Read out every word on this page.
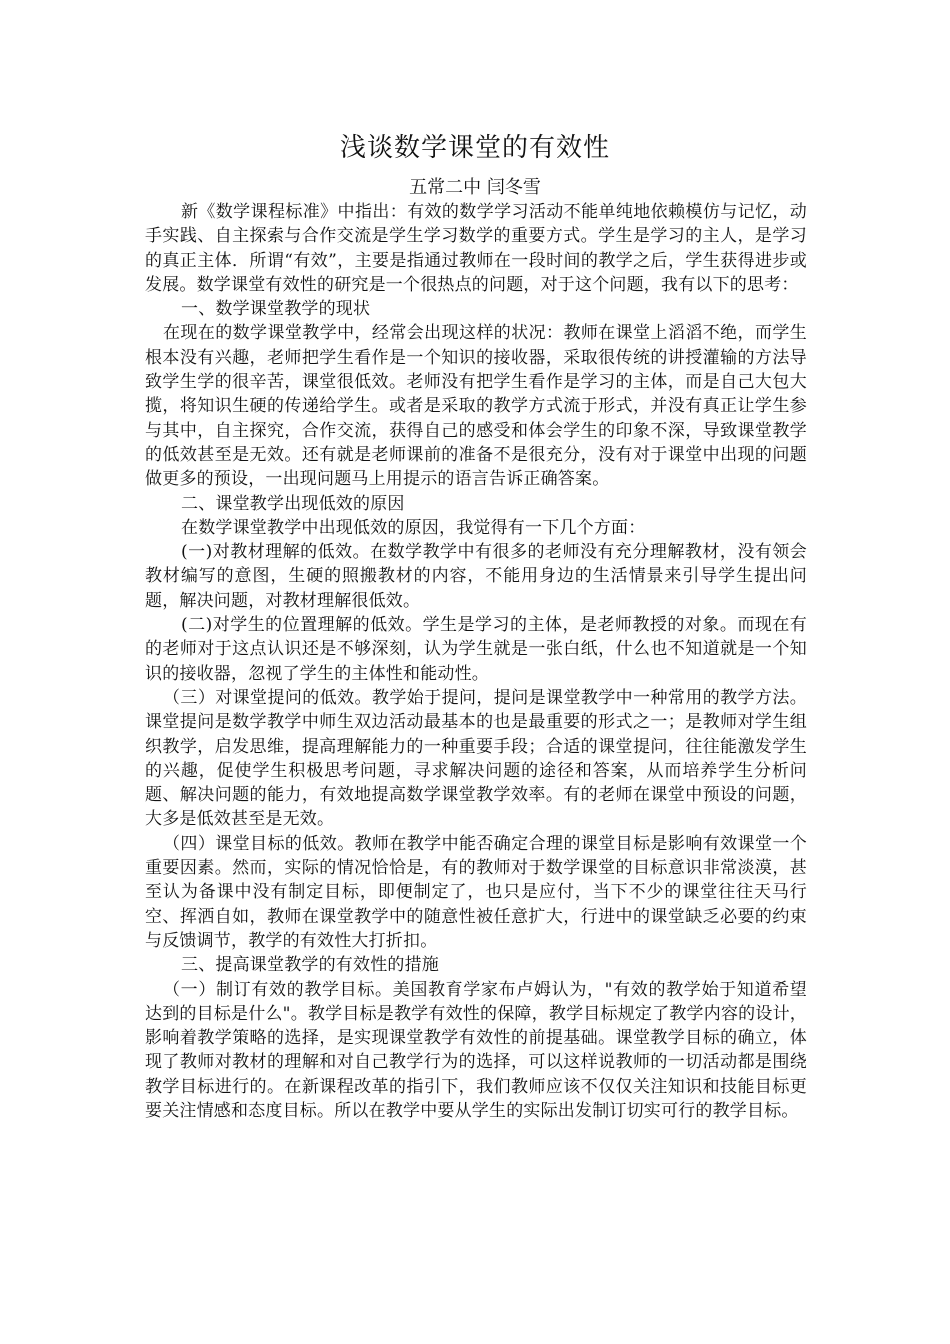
浅谈数学课堂的有效性
五常二中 闫冬雪

新《数学课程标准》中指出：有效的数学学习活动不能单纯地依赖模仿与记忆，动手实践、自主探索与合作交流是学生学习数学的重要方式。学生是学习的主人，是学习的真正主体．所谓“有效”，主要是指通过教师在一段时间的教学之后，学生获得进步或发展。数学课堂有效性的研究是一个很热点的问题，对于这个问题，我有以下的思考：

一、数学课堂教学的现状

在现在的数学课堂教学中，经常会出现这样的状况：教师在课堂上滔滔不绝，而学生根本没有兴趣，老师把学生看作是一个知识的接收器，采取很传统的讲授灌输的方法导致学生学的很辛苦，课堂很低效。老师没有把学生看作是学习的主体，而是自己大包大揽，将知识生硬的传递给学生。或者是采取的教学方式流于形式，并没有真正让学生参与其中，自主探究，合作交流，获得自己的感受和体会学生的印象不深，导致课堂教学的低效甚至是无效。还有就是老师课前的准备不是很充分，没有对于课堂中出现的问题做更多的预设，一出现问题马上用提示的语言告诉正确答案。

二、课堂教学出现低效的原因

在数学课堂教学中出现低效的原因，我觉得有一下几个方面：

(一)对教材理解的低效。在数学教学中有很多的老师没有充分理解教材，没有领会教材编写的意图，生硬的照搬教材的内容，不能用身边的生活情景来引导学生提出问题，解决问题，对教材理解很低效。

(二)对学生的位置理解的低效。学生是学习的主体，是老师教授的对象。而现在有的老师对于这点认识还是不够深刻，认为学生就是一张白纸，什么也不知道就是一个知识的接收器，忽视了学生的主体性和能动性。

（三）对课堂提问的低效。教学始于提问，提问是课堂教学中一种常用的教学方法。课堂提问是数学教学中师生双边活动最基本的也是最重要的形式之一；是教师对学生组织教学，启发思维，提高理解能力的一种重要手段；合适的课堂提问，往往能激发学生的兴趣，促使学生积极思考问题，寻求解决问题的途径和答案，从而培养学生分析问题、解决问题的能力，有效地提高数学课堂教学效率。有的老师在课堂中预设的问题，大多是低效甚至是无效。

（四）课堂目标的低效。教师在教学中能否确定合理的课堂目标是影响有效课堂一个重要因素。然而，实际的情况恰恰是，有的教师对于数学课堂的目标意识非常淡漠，甚至认为备课中没有制定目标，即便制定了，也只是应付，当下不少的课堂往往天马行空、挥洒自如，教师在课堂教学中的随意性被任意扩大，行进中的课堂缺乏必要的约束与反馈调节，教学的有效性大打折扣。

三、提高课堂教学的有效性的措施

（一）制订有效的教学目标。美国教育学家布卢姆认为，"有效的教学始于知道希望达到的目标是什么"。教学目标是教学有效性的保障，教学目标规定了教学内容的设计，影响着教学策略的选择，是实现课堂教学有效性的前提基础。课堂教学目标的确立，体现了教师对教材的理解和对自己教学行为的选择，可以这样说教师的一切活动都是围绕教学目标进行的。在新课程改革的指引下，我们教师应该不仅仅关注知识和技能目标更要关注情感和态度目标。所以在教学中要从学生的实际出发制订切实可行的教学目标。
